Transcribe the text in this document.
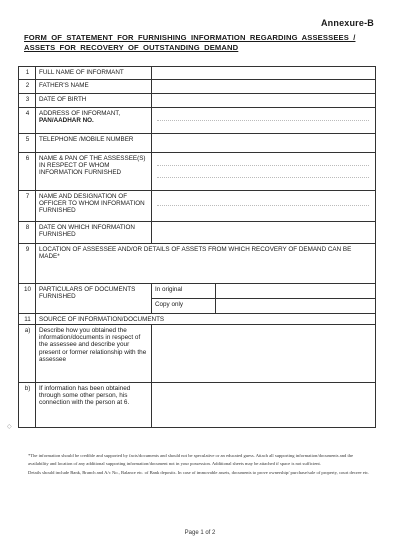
Annexure-B
FORM OF STATEMENT FOR FURNISHING INFORMATION REGARDING ASSESSEES / ASSETS FOR RECOVERY OF OUTSTANDING DEMAND
1	FULL NAME OF INFORMANT		
2	FATHER'S NAME		
3	DATE OF BIRTH		
4	ADDRESS OF INFORMANT,
PAN/AADHAR NO.		

5	TELEPHONE /MOBILE NUMBER		
6	NAME & PAN OF THE ASSESSEE(S) IN RESPECT OF WHOM INFORMATION FURNISHED		

7	NAME AND DESIGNATION OF OFFICER TO WHOM INFORMATION FURNISHED		

8	DATE ON WHICH INFORMATION FURNISHED		
9	LOCATION OF ASSESSEE AND/OR DETAILS OF ASSETS FROM WHICH RECOVERY OF DEMAND CAN BE MADE*		
10	PARTICULARS OF DOCUMENTS FURNISHED	In original	
		Copy only	
11	SOURCE OF INFORMATION/DOCUMENTS		
a)	Describe how you obtained the information/documents in respect of the assessee and describe your present or former relationship with the assessee		
b)	If information has been obtained through some other person, his connection with the person at 6.		
◇

*The information should be credible and supported by facts/documents and should not be speculative or an educated guess. Attach all supporting information/documents and the availability and location of any additional supporting information/document not in your possession. Additional sheets may be attached if space is not sufficient.

Details should include Bank, Branch and A/c No., Balance etc. of Bank deposits. In case of immovable assets, documents to prove ownership/ purchase/sale of property, court decree etc.

Page 1 of 2
